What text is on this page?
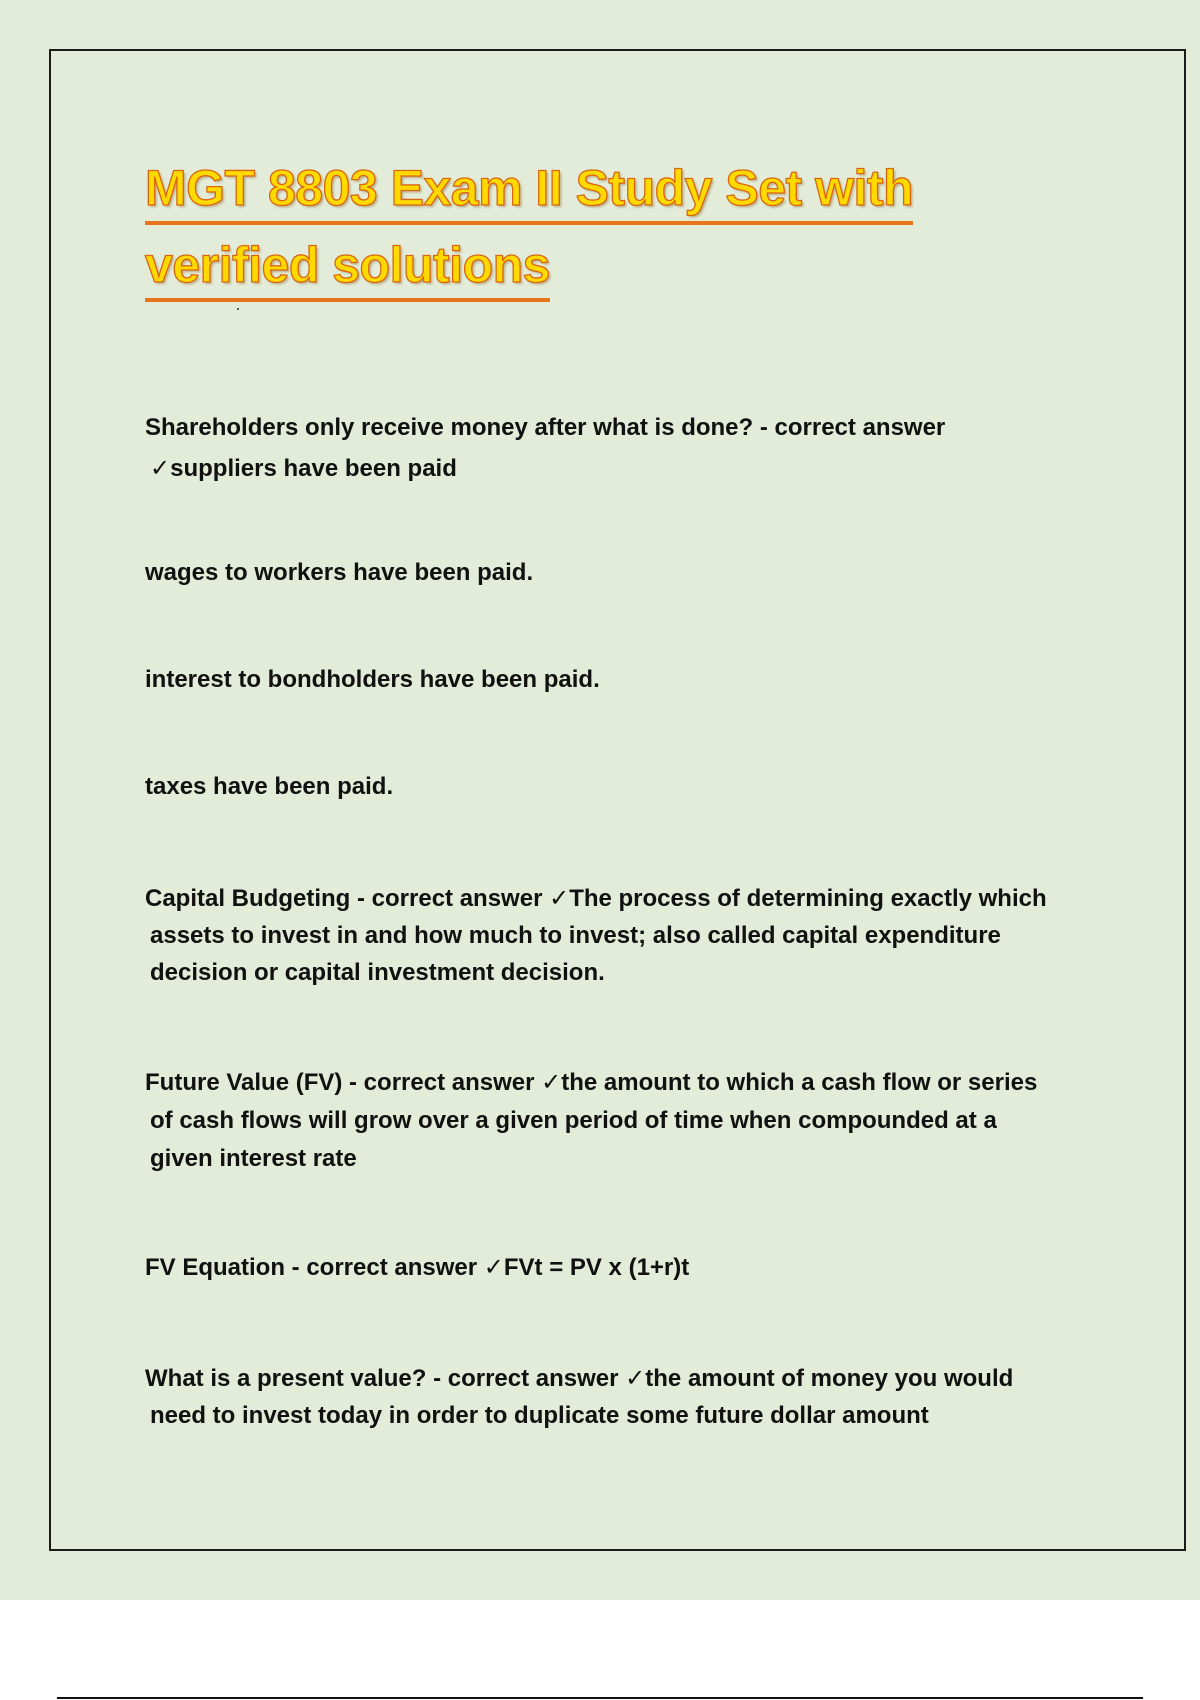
MGT 8803 Exam II Study Set with
verified solutions

Shareholders only receive money after what is done? - correct answer
✓suppliers have been paid

wages to workers have been paid.

interest to bondholders have been paid.

taxes have been paid.

Capital Budgeting - correct answer ✓The process of determining exactly which
assets to invest in and how much to invest; also called capital expenditure
decision or capital investment decision.

Future Value (FV) - correct answer ✓the amount to which a cash flow or series
of cash flows will grow over a given period of time when compounded at a
given interest rate

FV Equation - correct answer ✓FVt = PV x (1+r)t

What is a present value? - correct answer ✓the amount of money you would
need to invest today in order to duplicate some future dollar amount
